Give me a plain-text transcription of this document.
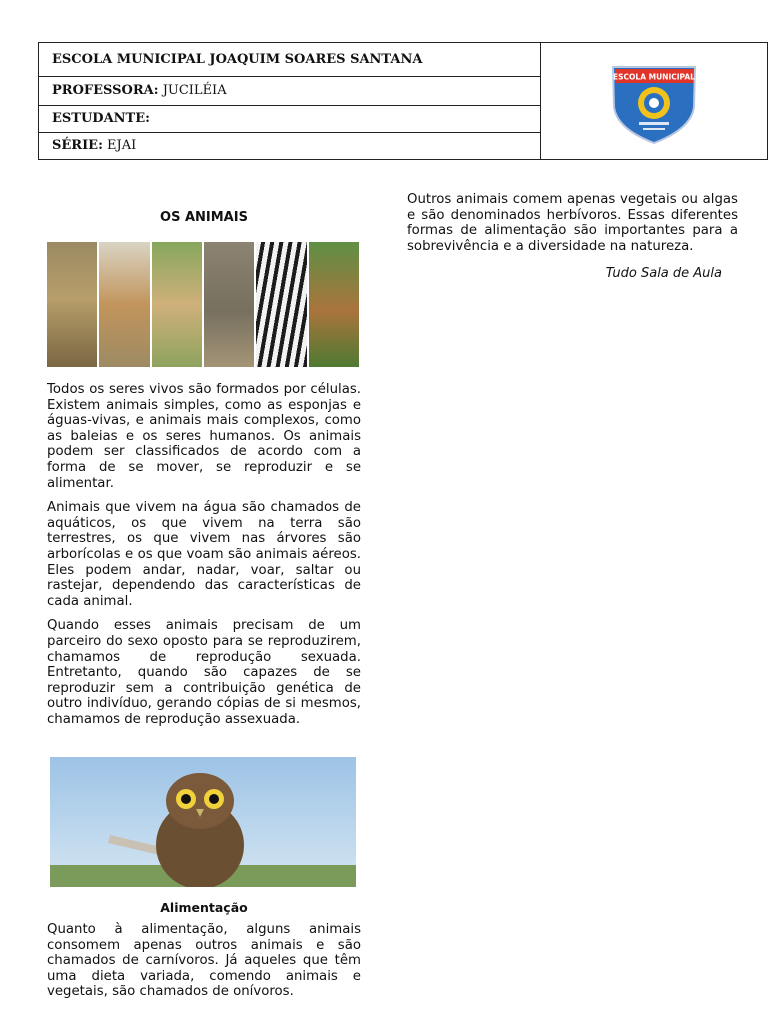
ESCOLA MUNICIPAL JOAQUIM SOARES SANTANA	
ESCOLA MUNICIPAL

PROFESSORA: JUCILÉIA
ESTUDANTE:
SÉRIE: EJAI
OS ANIMAIS

Todos os seres vivos são formados por células. Existem animais simples, como as esponjas e águas-vivas, e animais mais complexos, como as baleias e os seres humanos. Os animais podem ser classificados de acordo com a forma de se mover, se reproduzir e se alimentar.

Animais que vivem na água são chamados de aquáticos, os que vivem na terra são terrestres, os que vivem nas árvores são arborícolas e os que voam são animais aéreos. Eles podem andar, nadar, voar, saltar ou rastejar, dependendo das características de cada animal.

Quando esses animais precisam de um parceiro do sexo oposto para se reproduzirem, chamamos de reprodução sexuada. Entretanto, quando são capazes de se reproduzir sem a contribuição genética de outro indivíduo, gerando cópias de si mesmos, chamamos de reprodução assexuada.

Alimentação

Quanto à alimentação, alguns animais consomem apenas outros animais e são chamados de carnívoros. Já aqueles que têm uma dieta variada, comendo animais e vegetais, são chamados de onívoros.

Outros animais comem apenas vegetais ou algas e são denominados herbívoros. Essas diferentes formas de alimentação são importantes para a sobrevivência e a diversidade na natureza.

Tudo Sala de Aula
